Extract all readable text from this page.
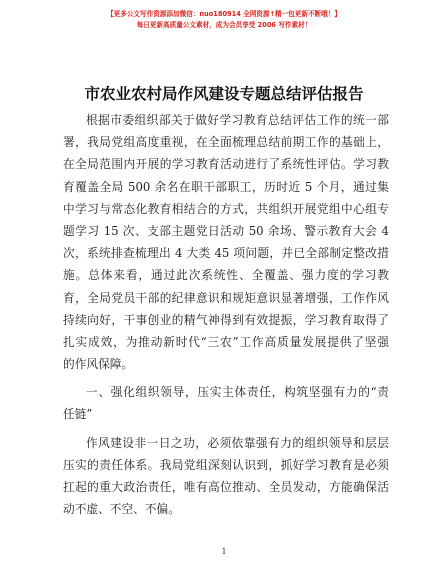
【更多公文写作资源添加微信：nuo180914 全网资源↑精一包更新不断哦！】
每日更新高质量公文素材，成为会员享受 2006 写作素材！
市农业农村局作风建设专题总结评估报告
根据市委组织部关于做好学习教育总结评估工作的统一部
署，我局党组高度重视，在全面梳理总结前期工作的基础上，
在全局范围内开展的学习教育活动进行了系统性评估。学习教
育覆盖全局 500 余名在职干部职工，历时近 5 个月，通过集
中学习与常态化教育相结合的方式，共组织开展党组中心组专
题学习 15 次、支部主题党日活动 50 余场、警示教育大会 4
次，系统排查梳理出 4 大类 45 项问题，并已全部制定整改措
施。总体来看，通过此次系统性、全覆盖、强力度的学习教
育，全局党员干部的纪律意识和规矩意识显著增强，工作作风
持续向好，干事创业的精气神得到有效提振，学习教育取得了
扎实成效，为推动新时代“三农”工作高质量发展提供了坚强
的作风保障。
一、强化组织领导，压实主体责任，构筑坚强有力的“责
任链”
作风建设非一日之功，必须依靠强有力的组织领导和层层
压实的责任体系。我局党组深刻认识到，抓好学习教育是必须
扛起的重大政治责任，唯有高位推动、全员发动，方能确保活
动不虚、不空、不偏。
1
